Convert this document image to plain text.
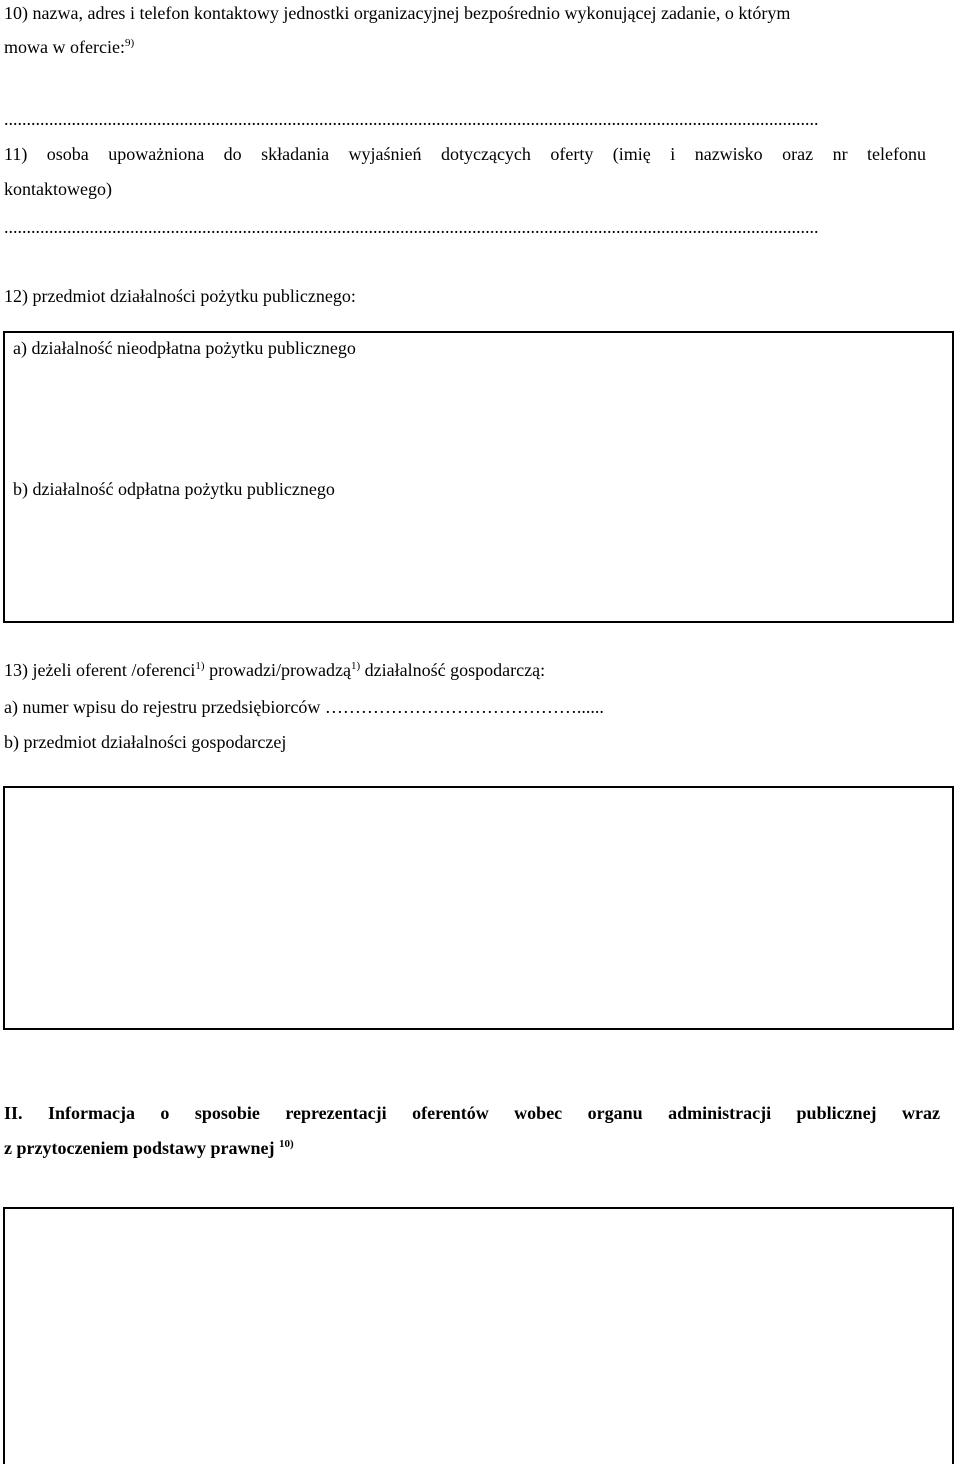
10) nazwa, adres i telefon kontaktowy jednostki organizacyjnej bezpośrednio wykonującej zadanie, o którym
mowa w ofercie:$^{9)}$
.....................................................................................................................................................................................
11) osoba upoważniona do składania wyjaśnień dotyczących oferty (imię i nazwisko oraz nr telefonu
kontaktowego)
.....................................................................................................................................................................................
12) przedmiot działalności pożytku publicznego:
a) działalność nieodpłatna pożytku publicznego
b) działalność odpłatna pożytku publicznego
13) jeżeli oferent /oferenci$^{1)}$ prowadzi/prowadzą$^{1)}$ działalność gospodarczą:
a) numer wpisu do rejestru przedsiębiorców ……………………………………......
b) przedmiot działalności gospodarczej
II. Informacja o sposobie reprezentacji oferentów wobec organu administracji publicznej wraz
z przytoczeniem podstawy prawnej $^{10)}$
